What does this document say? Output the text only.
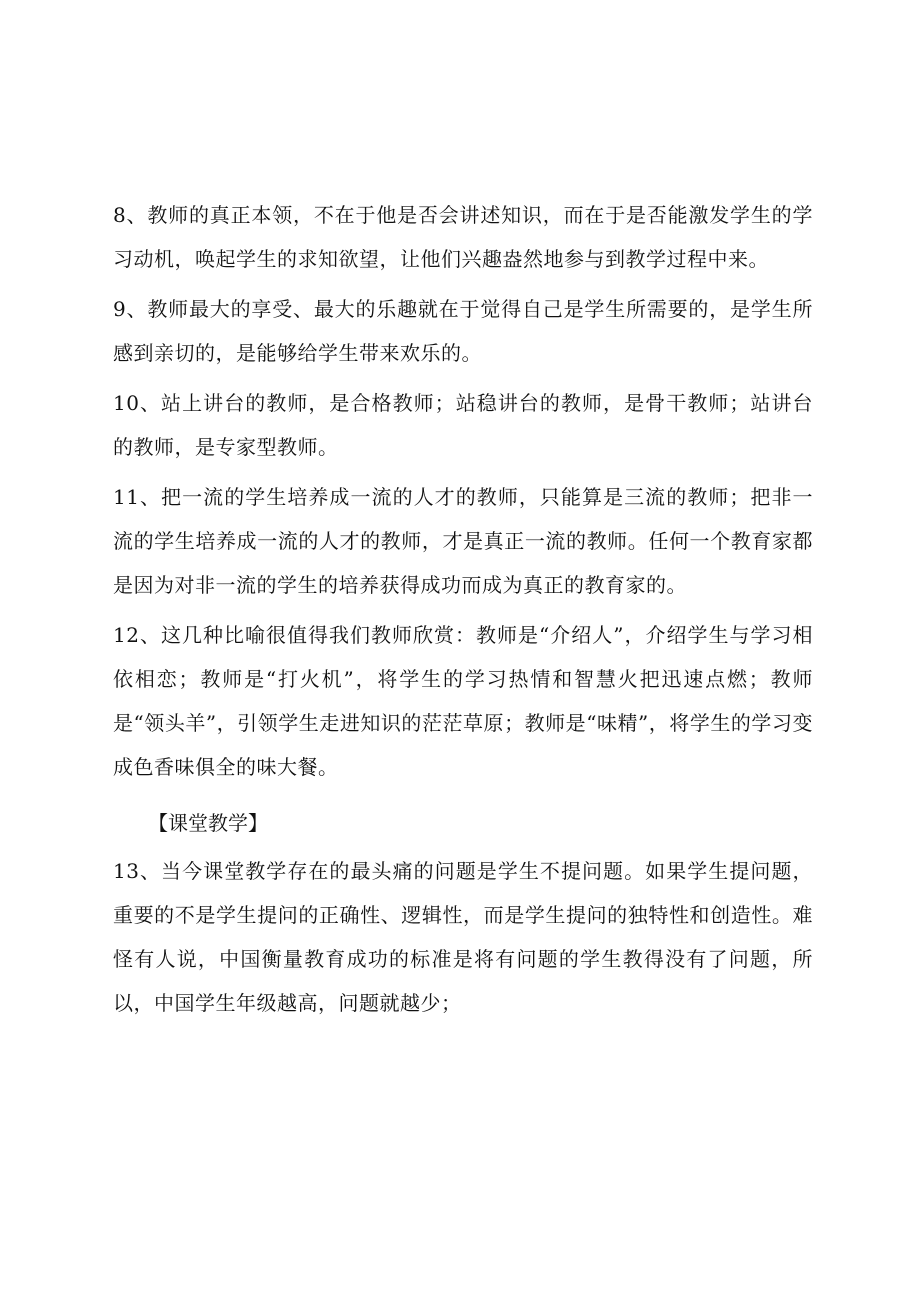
8、教师的真正本领，不在于他是否会讲述知识，而在于是否能激发学生的学习动机，唤起学生的求知欲望，让他们兴趣盎然地参与到教学过程中来。

9、教师最大的享受、最大的乐趣就在于觉得自己是学生所需要的，是学生所感到亲切的，是能够给学生带来欢乐的。

10、站上讲台的教师，是合格教师；站稳讲台的教师，是骨干教师；站讲台的教师，是专家型教师。

11、把一流的学生培养成一流的人才的教师，只能算是三流的教师；把非一流的学生培养成一流的人才的教师，才是真正一流的教师。任何一个教育家都是因为对非一流的学生的培养获得成功而成为真正的教育家的。

12、这几种比喻很值得我们教师欣赏：教师是“介绍人”，介绍学生与学习相依相恋；教师是“打火机”，将学生的学习热情和智慧火把迅速点燃；教师是“领头羊”，引领学生走进知识的茫茫草原；教师是“味精”，将学生的学习变成色香味俱全的味大餐。

【课堂教学】

13、当今课堂教学存在的最头痛的问题是学生不提问题。如果学生提问题，重要的不是学生提问的正确性、逻辑性，而是学生提问的独特性和创造性。难怪有人说，中国衡量教育成功的标准是将有问题的学生教得没有了问题，所以，中国学生年级越高，问题就越少；
